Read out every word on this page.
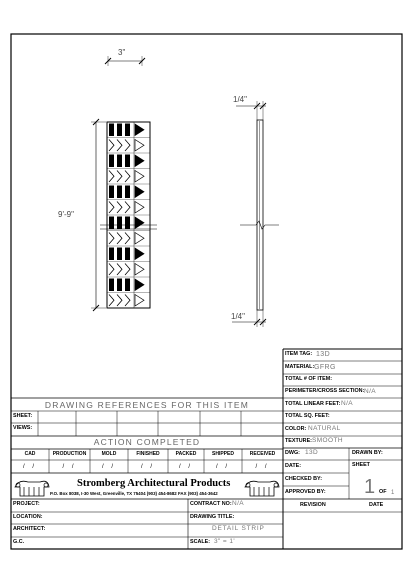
3"
9'-9"
1/4"
1/4"
ITEM TAG: 13D
MATERIAL: GFRG
TOTAL # OF ITEM:
PERIMETER/CROSS SECTION: N/A
TOTAL LINEAR FEET: N/A
TOTAL SQ. FEET:
COLOR: NATURAL
TEXTURE: SMOOTH
DWG: 13D	DRAWN BY:
DATE:	SHEET
1 OF 1
CHECKED BY:
APPROVED BY:
REVISION	DATE
DRAWING REFERENCES FOR THIS ITEM
SHEET:
VIEWS:
ACTION COMPLETED
CAD	PRODUCTION	MOLD	FINISHED	PACKED	SHIPPED	RECEIVED
/ /	/ /	/ /	/ /	/ /	/ /	/ /
Stromberg Architectural Products
P.O. Box 8038, I-30 West, Greenville, TX 75404 (903) 454-8682 FAX (903) 454-3642
PROJECT:
LOCATION:
ARCHITECT:
G.C.
CONTRACT NO: N/A
DRAWING TITLE:
DETAIL STRIP
SCALE: 3" = 1'
